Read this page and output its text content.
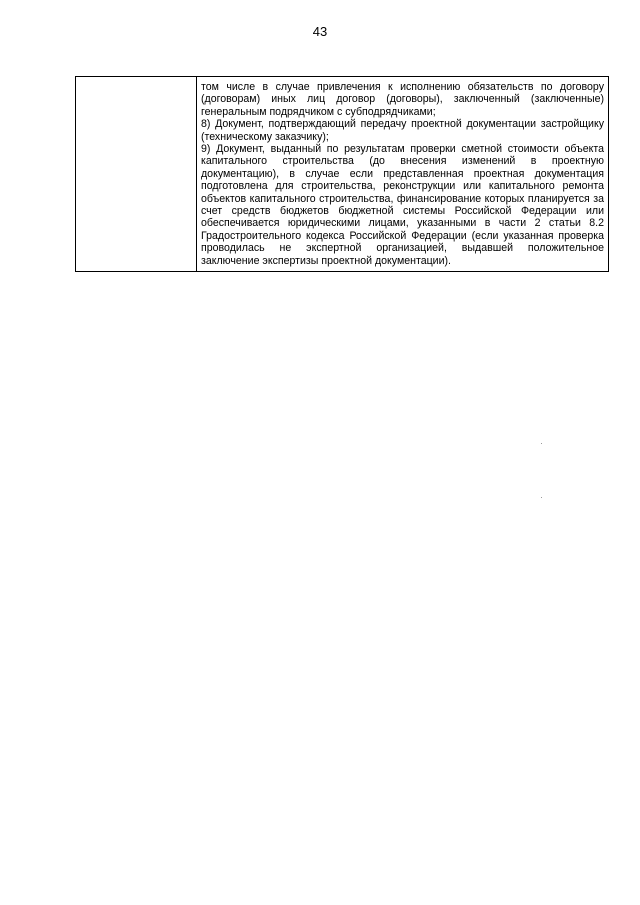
43

том числе в случае привлечения к исполнению обязательств по договору (договорам) иных лиц договор (договоры), заключенный (заключенные) генеральным подрядчиком с субподрядчиками;

8) Документ, подтверждающий передачу проектной документации застройщику (техническому заказчику);

9) Документ, выданный по результатам проверки сметной стоимости объекта капитального строительства (до внесения изменений в проектную документацию), в случае если представленная проектная документация подготовлена для строительства, реконструкции или капитального ремонта объектов капитального строительства, финансирование которых планируется за счет средств бюджетов бюджетной системы Российской Федерации или обеспечивается юридическими лицами, указанными в части 2 статьи 8.2 Градостроительного кодекса Российской Федерации (если указанная проверка проводилась не экспертной организацией, выдавшей положительное заключение экспертизы проектной документации).
